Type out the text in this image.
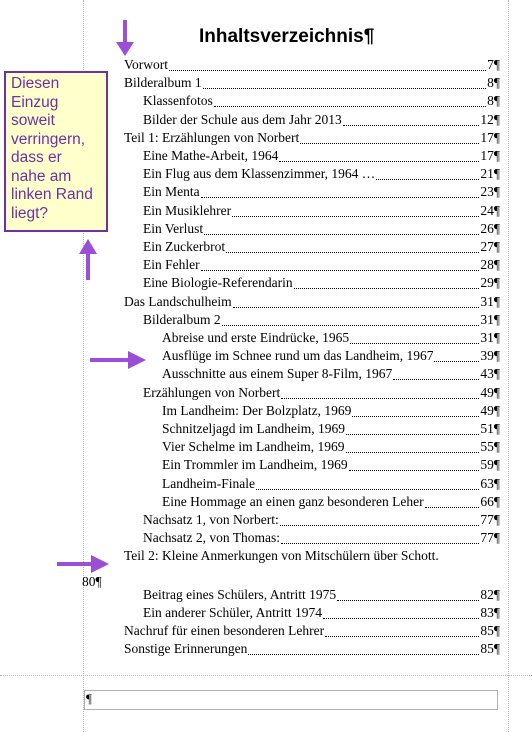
Inhaltsverzeichnis¶
Vorwort	7¶
Bilderalbum 1	8¶
Klassenfotos	8¶
Bilder der Schule aus dem Jahr 2013	12¶
Teil 1: Erzählungen von Norbert	17¶
Eine Mathe-Arbeit, 1964	17¶
Ein Flug aus dem Klassenzimmer, 1964 …	21¶
Ein Menta	23¶
Ein Musiklehrer	24¶
Ein Verlust	26¶
Ein Zuckerbrot	27¶
Ein Fehler	28¶
Eine Biologie-Referendarin	29¶
Das Landschulheim	31¶
Bilderalbum 2	31¶
Abreise und erste Eindrücke, 1965	31¶
Ausflüge im Schnee rund um das Landheim, 1967	39¶
Ausschnitte aus einem Super 8-Film, 1967	43¶
Erzählungen von Norbert	49¶
Im Landheim: Der Bolzplatz, 1969	49¶
Schnitzeljagd im Landheim, 1969	51¶
Vier Schelme im Landheim, 1969	55¶
Ein Trommler im Landheim, 1969	59¶
Landheim-Finale	63¶
Eine Hommage an einen ganz besonderen Leher	66¶
Nachsatz 1, von Norbert:	77¶
Nachsatz 2, von Thomas:	77¶
Teil 2: Kleine Anmerkungen von Mitschülern über Schott.
Beitrag eines Schülers, Antritt 1975	82¶
Ein anderer Schüler, Antritt 1974	83¶
Nachruf für einen besonderen Lehrer	85¶
Sonstige Erinnerungen	85¶
80¶
Diesen
Einzug
soweit
verringern,
dass er
nahe am
linken Rand
liegt?
¶
